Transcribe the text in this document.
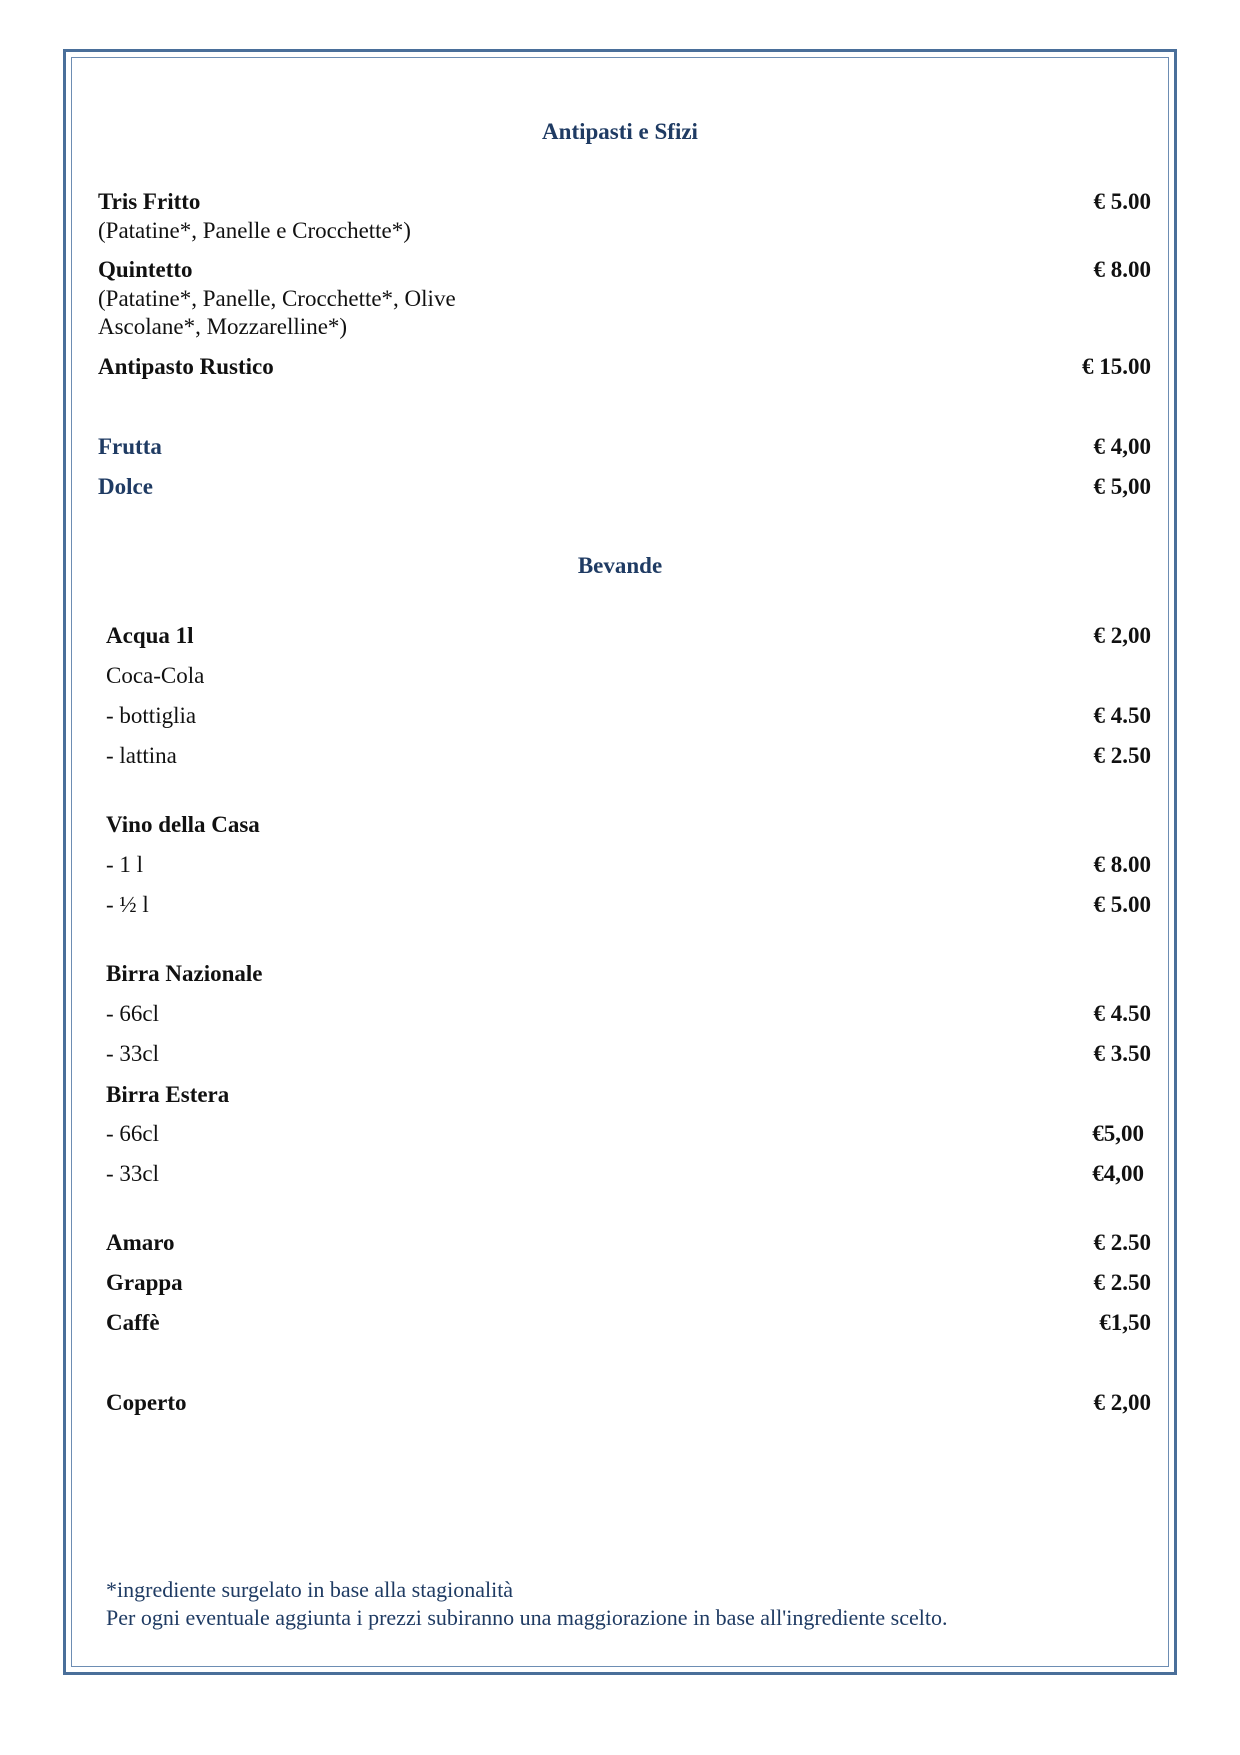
Antipasti e Sfizi
Tris Fritto	€ 5.00
(Patatine*, Panelle e Crocchette*)
Quintetto	€ 8.00
(Patatine*, Panelle, Crocchette*, Olive
Ascolane*, Mozzarelline*)
Antipasto Rustico	€ 15.00
Frutta	€ 4,00
Dolce	€ 5,00
Bevande
Acqua 1l	€ 2,00
Coca-Cola
- bottiglia	€ 4.50
- lattina	€ 2.50
Vino della Casa
- 1 l	€ 8.00
- ½ l	€ 5.00
Birra Nazionale
- 66cl	€ 4.50
- 33cl	€ 3.50
Birra Estera
- 66cl	€5,00
- 33cl	€4,00
Amaro	€ 2.50
Grappa	€ 2.50
Caffè	€1,50
Coperto	€ 2,00
*ingrediente surgelato in base alla stagionalità
Per ogni eventuale aggiunta i prezzi subiranno una maggiorazione in base all'ingrediente scelto.
